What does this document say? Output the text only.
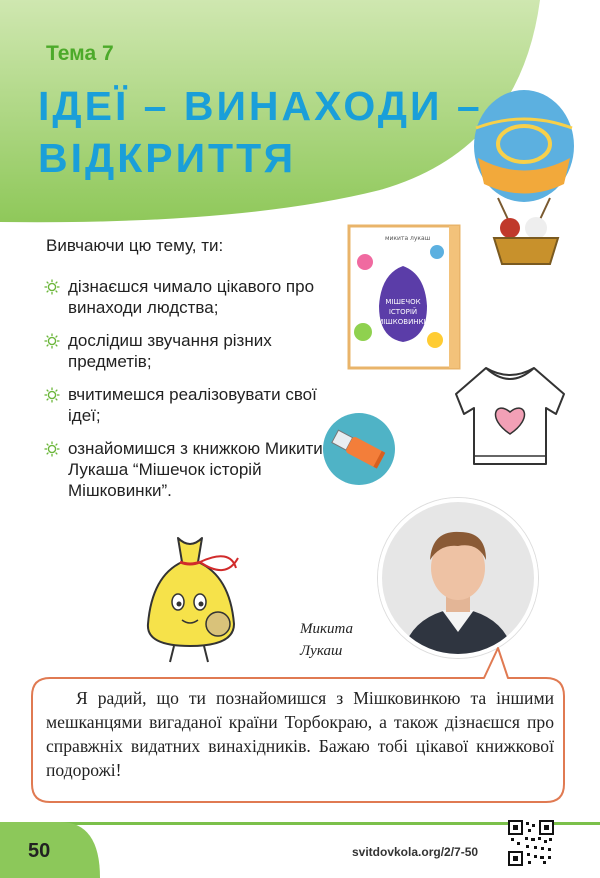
Тема 7
ІДЕЇ – ВИНАХОДИ –
ВІДКРИТТЯ
МІШЕЧОК
ІСТОРІЙ
МІШКОВИНКИ
микита лукаш
Вивчаючи цю тему, ти:
дізнаєшся чимало цікавого про винаходи людства;
дослідиш звучання різних предметів;
вчитимешся реалізовувати свої ідеї;
ознайомишся з книжкою Микити Лукаша “Мішечок історій Мішковинки”.
Микита
Лукаш
Я радий, що ти познайомишся з Мішковинкою та іншими мешканцями вигаданої країни Торбокраю, а також дізнаєшся про справжніх видатних винахідників. Бажаю тобі цікавої книжкової подорожі!
50	svitdovkola.org/2/7-50
